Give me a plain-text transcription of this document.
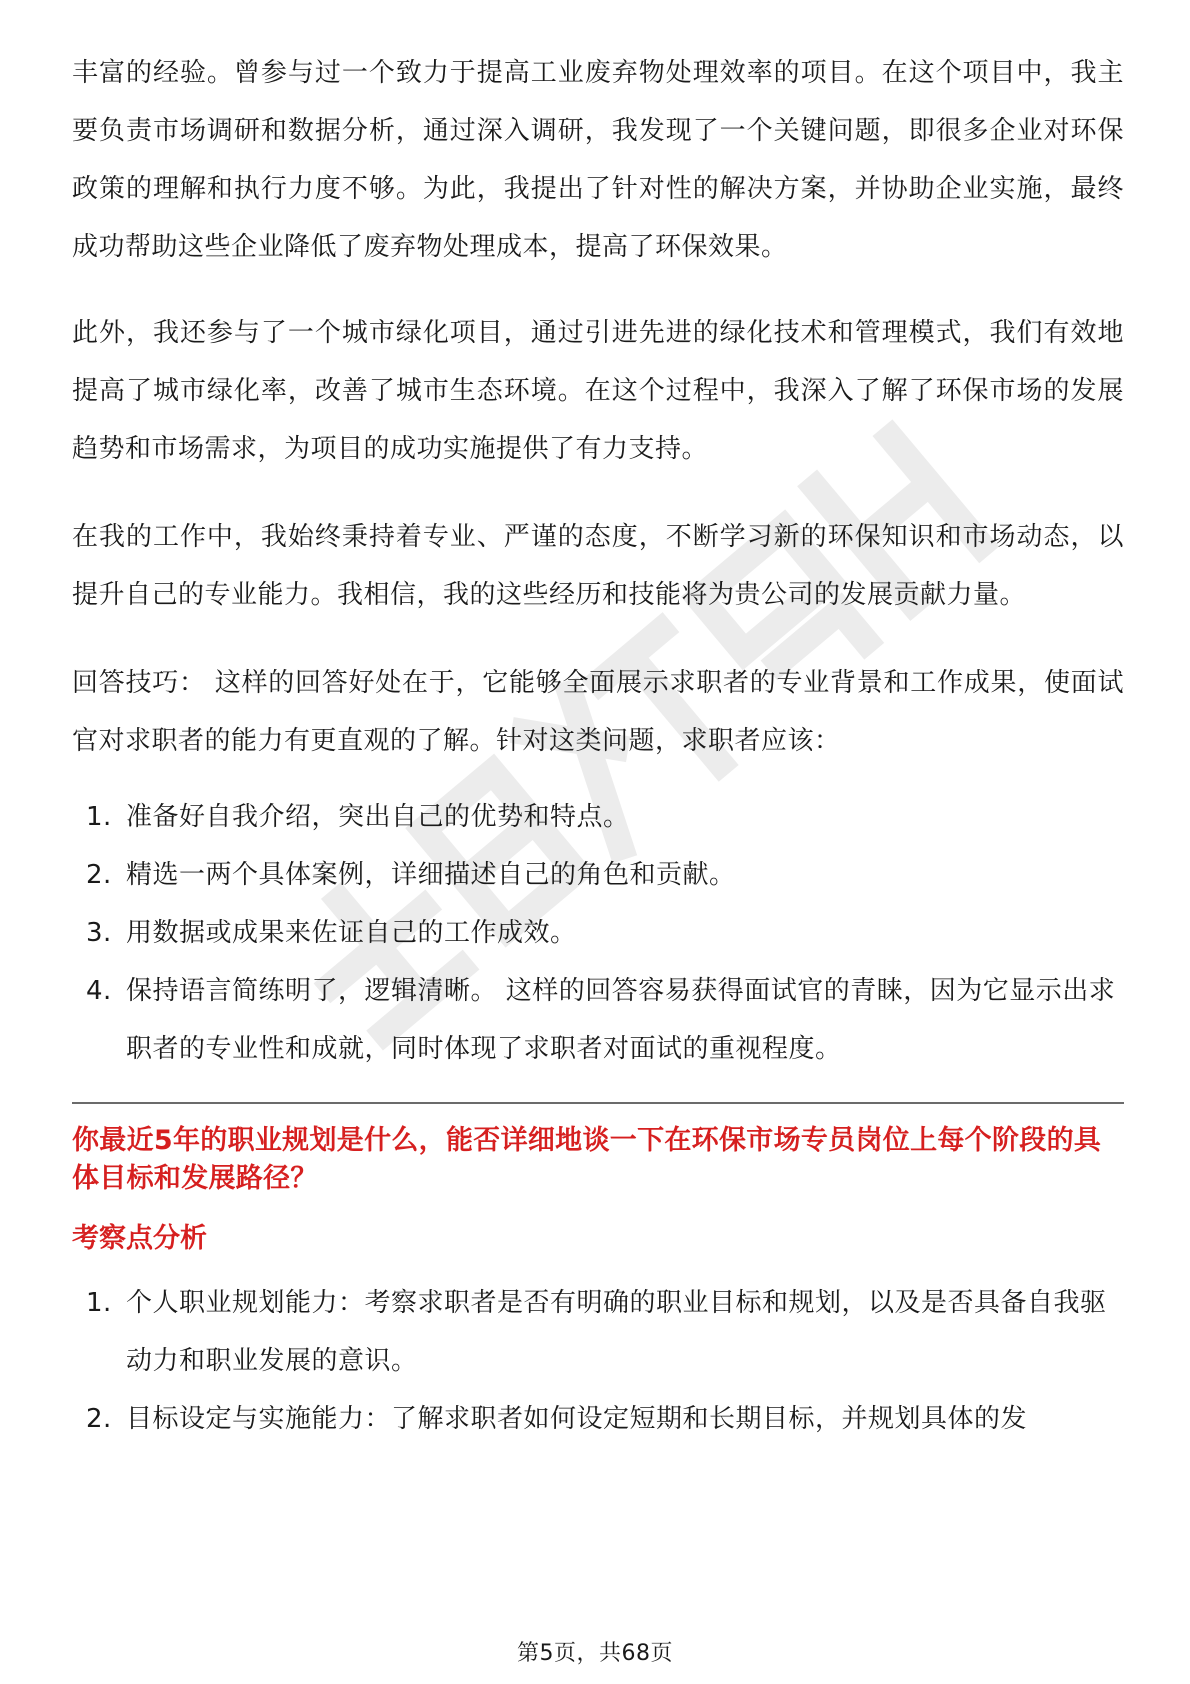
丰富的经验。曾参与过一个致力于提高工业废弃物处理效率的项目。在这个项目中，我主要负责市场调研和数据分析，通过深入调研，我发现了一个关键问题，即很多企业对环保政策的理解和执行力度不够。为此，我提出了针对性的解决方案，并协助企业实施，最终成功帮助这些企业降低了废弃物处理成本，提高了环保效果。

此外，我还参与了一个城市绿化项目，通过引进先进的绿化技术和管理模式，我们有效地提高了城市绿化率，改善了城市生态环境。在这个过程中，我深入了解了环保市场的发展趋势和市场需求，为项目的成功实施提供了有力支持。

在我的工作中，我始终秉持着专业、严谨的态度，不断学习新的环保知识和市场动态，以提升自己的专业能力。我相信，我的这些经历和技能将为贵公司的发展贡献力量。

回答技巧： 这样的回答好处在于，它能够全面展示求职者的专业背景和工作成果，使面试官对求职者的能力有更直观的了解。针对这类问题，求职者应该：

1. 准备好自我介绍，突出自己的优势和特点。
2. 精选一两个具体案例，详细描述自己的角色和贡献。
3. 用数据或成果来佐证自己的工作成效。
4. 保持语言简练明了，逻辑清晰。 这样的回答容易获得面试官的青睐，因为它显示出求职者的专业性和成就，同时体现了求职者对面试的重视程度。
你最近5年的职业规划是什么，能否详细地谈一下在环保市场专员岗位上每个阶段的具体目标和发展路径？
考察点分析
1. 个人职业规划能力：考察求职者是否有明确的职业目标和规划，以及是否具备自我驱动力和职业发展的意识。
2. 目标设定与实施能力：了解求职者如何设定短期和长期目标，并规划具体的发
第5页，共68页
